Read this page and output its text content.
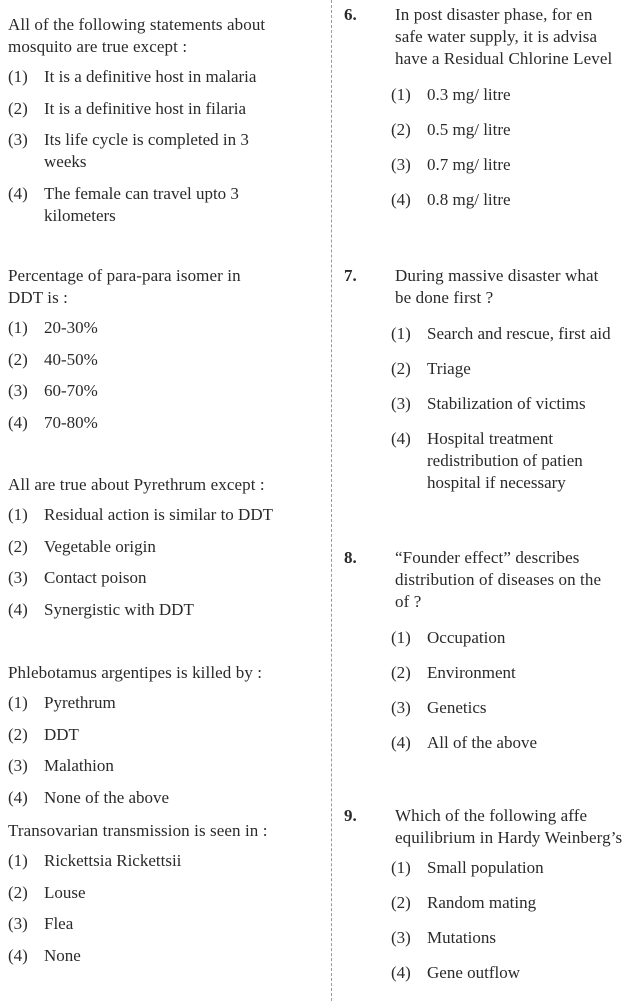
All of the following statements about
mosquito are true except :

(1) It is a definitive host in malaria
(2) It is a definitive host in filaria
(3) Its life cycle is completed in 3
weeks
(4) The female can travel upto 3
kilometers

Percentage of para-para isomer in
DDT is :

(1) 20-30%
(2) 40-50%
(3) 60-70%
(4) 70-80%

All are true about Pyrethrum except :

(1) Residual action is similar to DDT
(2) Vegetable origin
(3) Contact poison
(4) Synergistic with DDT

Phlebotamus argentipes is killed by :

(1) Pyrethrum
(2) DDT
(3) Malathion
(4) None of the above

Transovarian transmission is seen in :

(1) Rickettsia Rickettsii
(2) Louse
(3) Flea
(4) None
6. In post disaster phase, for en
safe water supply, it is advisa
have a Residual Chlorine Level

(1) 0.3 mg/ litre
(2) 0.5 mg/ litre
(3) 0.7 mg/ litre
(4) 0.8 mg/ litre
7. During massive disaster what
be done first ?

(1) Search and rescue, first aid
(2) Triage
(3) Stabilization of victims
(4) Hospital treatment
redistribution of patien
hospital if necessary
8. “Founder effect” describes
distribution of diseases on the
of ?

(1) Occupation
(2) Environment
(3) Genetics
(4) All of the above
9. Which of the following affe
equilibrium in Hardy Weinberg’s

(1) Small population
(2) Random mating
(3) Mutations
(4) Gene outflow
